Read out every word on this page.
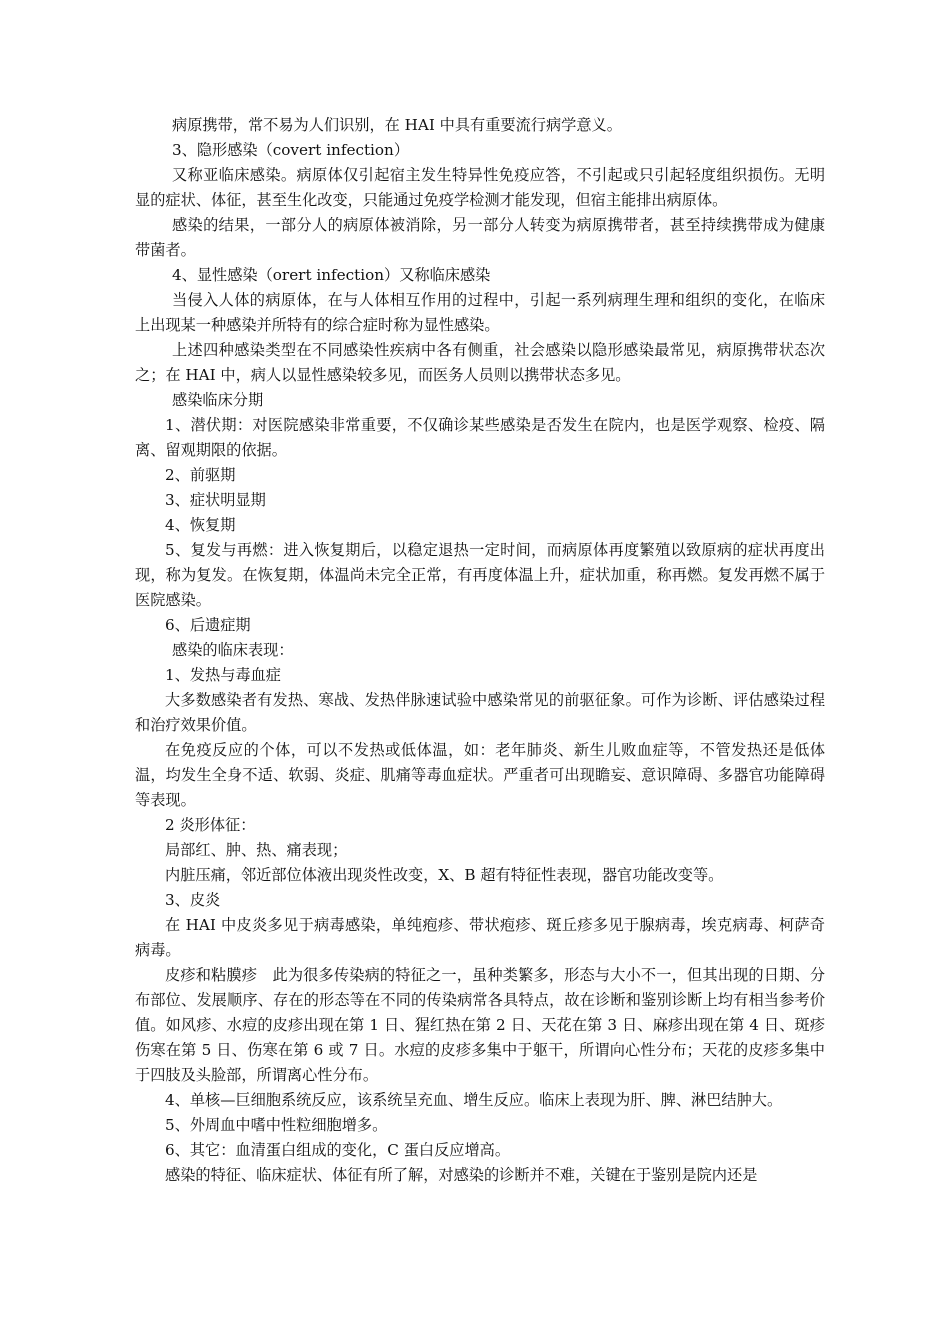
病原携带，常不易为人们识别，在 HAI 中具有重要流行病学意义。

3、隐形感染（covert infection）

又称亚临床感染。病原体仅引起宿主发生特异性免疫应答，不引起或只引起轻度组织损伤。无明显的症状、体征，甚至生化改变，只能通过免疫学检测才能发现，但宿主能排出病原体。

感染的结果，一部分人的病原体被消除，另一部分人转变为病原携带者，甚至持续携带成为健康带菌者。

4、显性感染（orert infection）又称临床感染

当侵入人体的病原体，在与人体相互作用的过程中，引起一系列病理生理和组织的变化，在临床上出现某一种感染并所特有的综合症时称为显性感染。

上述四种感染类型在不同感染性疾病中各有侧重，社会感染以隐形感染最常见，病原携带状态次之；在 HAI 中，病人以显性感染较多见，而医务人员则以携带状态多见。

感染临床分期

1、潜伏期：对医院感染非常重要，不仅确诊某些感染是否发生在院内，也是医学观察、检疫、隔离、留观期限的依据。

2、前驱期

3、症状明显期

4、恢复期

5、复发与再燃：进入恢复期后，以稳定退热一定时间，而病原体再度繁殖以致原病的症状再度出现，称为复发。在恢复期，体温尚未完全正常，有再度体温上升，症状加重，称再燃。复发再燃不属于医院感染。

6、后遗症期

感染的临床表现：

1、发热与毒血症

大多数感染者有发热、寒战、发热伴脉速试验中感染常见的前驱征象。可作为诊断、评估感染过程和治疗效果价值。

在免疫反应的个体，可以不发热或低体温，如：老年肺炎、新生儿败血症等，不管发热还是低体温，均发生全身不适、软弱、炎症、肌痛等毒血症状。严重者可出现瞻妄、意识障碍、多器官功能障碍等表现。

2 炎形体征：

局部红、肿、热、痛表现；

内脏压痛，邻近部位体液出现炎性改变，X、B 超有特征性表现，器官功能改变等。

3、皮炎

在 HAI 中皮炎多见于病毒感染，单纯疱疹、带状疱疹、斑丘疹多见于腺病毒，埃克病毒、柯萨奇病毒。

皮疹和粘膜疹　此为很多传染病的特征之一，虽种类繁多，形态与大小不一，但其出现的日期、分布部位、发展顺序、存在的形态等在不同的传染病常各具特点，故在诊断和鉴别诊断上均有相当参考价值。如风疹、水痘的皮疹出现在第 1 日、猩红热在第 2 日、天花在第 3 日、麻疹出现在第 4 日、斑疹伤寒在第 5 日、伤寒在第 6 或 7 日。水痘的皮疹多集中于躯干，所谓向心性分布；天花的皮疹多集中于四肢及头脸部，所谓离心性分布。

4、单核—巨细胞系统反应，该系统呈充血、增生反应。临床上表现为肝、脾、淋巴结肿大。

5、外周血中嗜中性粒细胞增多。

6、其它：血清蛋白组成的变化，C 蛋白反应增高。

感染的特征、临床症状、体征有所了解，对感染的诊断并不难，关键在于鉴别是院内还是
